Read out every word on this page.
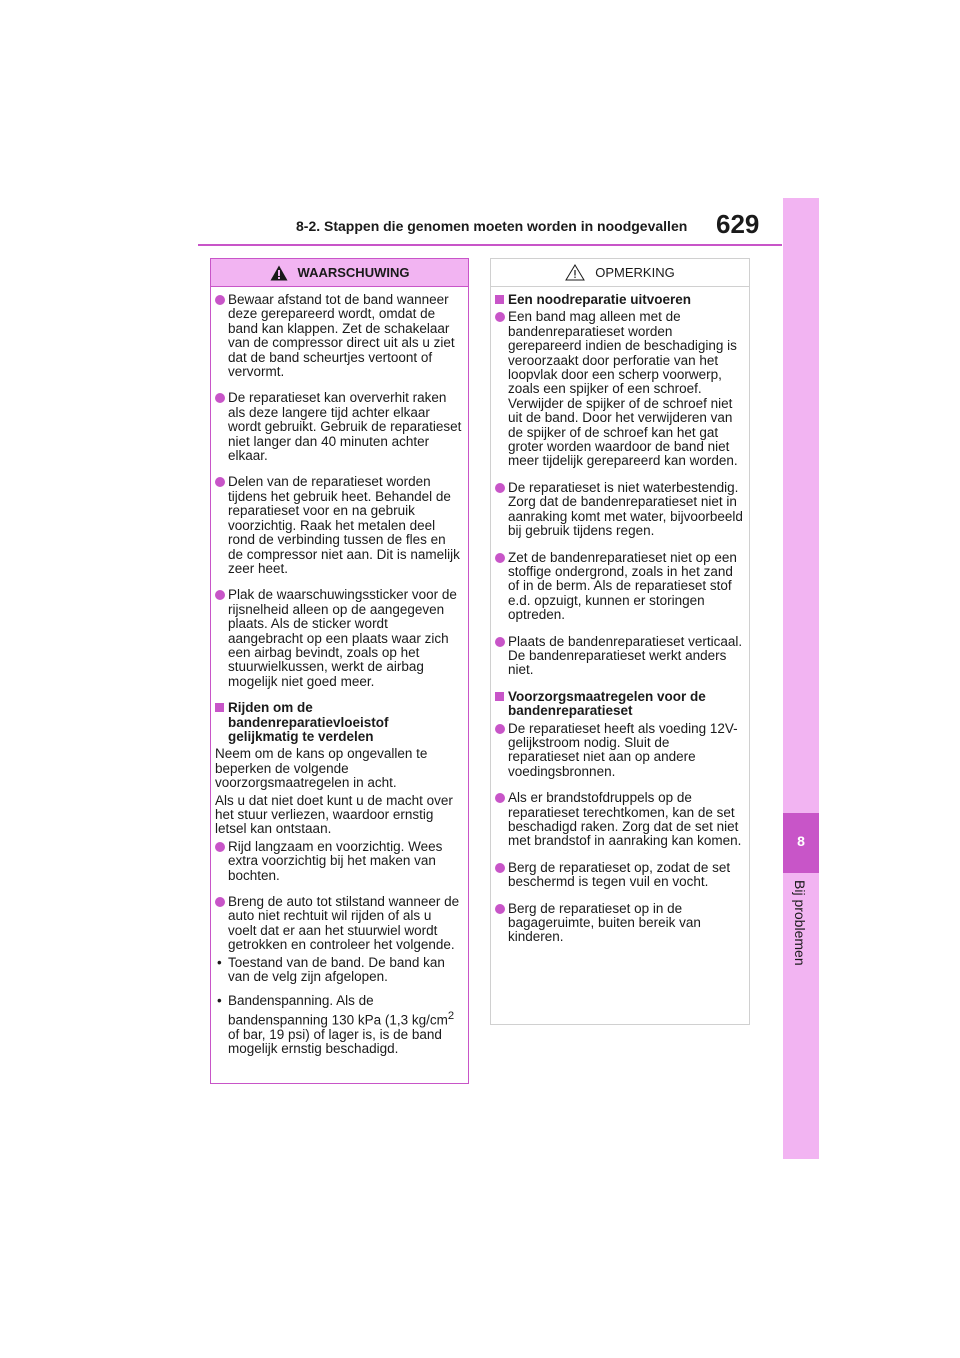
8-2. Stappen die genomen moeten worden in noodgevallen 629
8
Bij problemen
WAARSCHUWING
Bewaar afstand tot de band wanneer deze gerepareerd wordt, omdat de band kan klappen. Zet de schakelaar van de compressor direct uit als u ziet dat de band scheurtjes vertoont of vervormt.
De reparatieset kan oververhit raken als deze langere tijd achter elkaar wordt gebruikt. Gebruik de reparatieset niet langer dan 40 minuten achter elkaar.
Delen van de reparatieset worden tijdens het gebruik heet. Behandel de reparatieset voor en na gebruik voorzichtig. Raak het metalen deel rond de verbinding tussen de fles en de compressor niet aan. Dit is namelijk zeer heet.
Plak de waarschuwingssticker voor de rijsnelheid alleen op de aangegeven plaats. Als de sticker wordt aangebracht op een plaats waar zich een airbag bevindt, zoals op het stuurwielkussen, werkt de airbag mogelijk niet goed meer.
Rijden om de bandenreparatievloeistof gelijkmatig te verdelen

Neem om de kans op ongevallen te beperken de volgende voorzorgsmaatregelen in acht.

Als u dat niet doet kunt u de macht over het stuur verliezen, waardoor ernstig letsel kan ontstaan.

Rijd langzaam en voorzichtig. Wees extra voorzichtig bij het maken van bochten.
Breng de auto tot stilstand wanneer de auto niet rechtuit wil rijden of als u voelt dat er aan het stuurwiel wordt getrokken en controleer het volgende.
• Toestand van de band. De band kan van de velg zijn afgelopen.
• Bandenspanning. Als de bandenspanning 130 kPa (1,3 $kg/cm^2$ of bar, 19 psi) of lager is, is de band mogelijk ernstig beschadigd.
OPMERKING
Een noodreparatie uitvoeren
Een band mag alleen met de bandenreparatieset worden gerepareerd indien de beschadiging is veroorzaakt door perforatie van het loopvlak door een scherp voorwerp, zoals een spijker of een schroef. Verwijder de spijker of de schroef niet uit de band. Door het verwijderen van de spijker of de schroef kan het gat groter worden waardoor de band niet meer tijdelijk gerepareerd kan worden.
De reparatieset is niet waterbestendig. Zorg dat de bandenreparatieset niet in aanraking komt met water, bijvoorbeeld bij gebruik tijdens regen.
Zet de bandenreparatieset niet op een stoffige ondergrond, zoals in het zand of in de berm. Als de reparatieset stof e.d. opzuigt, kunnen er storingen optreden.
Plaats de bandenreparatieset verticaal. De bandenreparatieset werkt anders niet.
Voorzorgsmaatregelen voor de bandenreparatieset
De reparatieset heeft als voeding 12V-gelijkstroom nodig. Sluit de reparatieset niet aan op andere voedingsbronnen.
Als er brandstofdruppels op de reparatieset terechtkomen, kan de set beschadigd raken. Zorg dat de set niet met brandstof in aanraking kan komen.
Berg de reparatieset op, zodat de set beschermd is tegen vuil en vocht.
Berg de reparatieset op in de bagageruimte, buiten bereik van kinderen.
